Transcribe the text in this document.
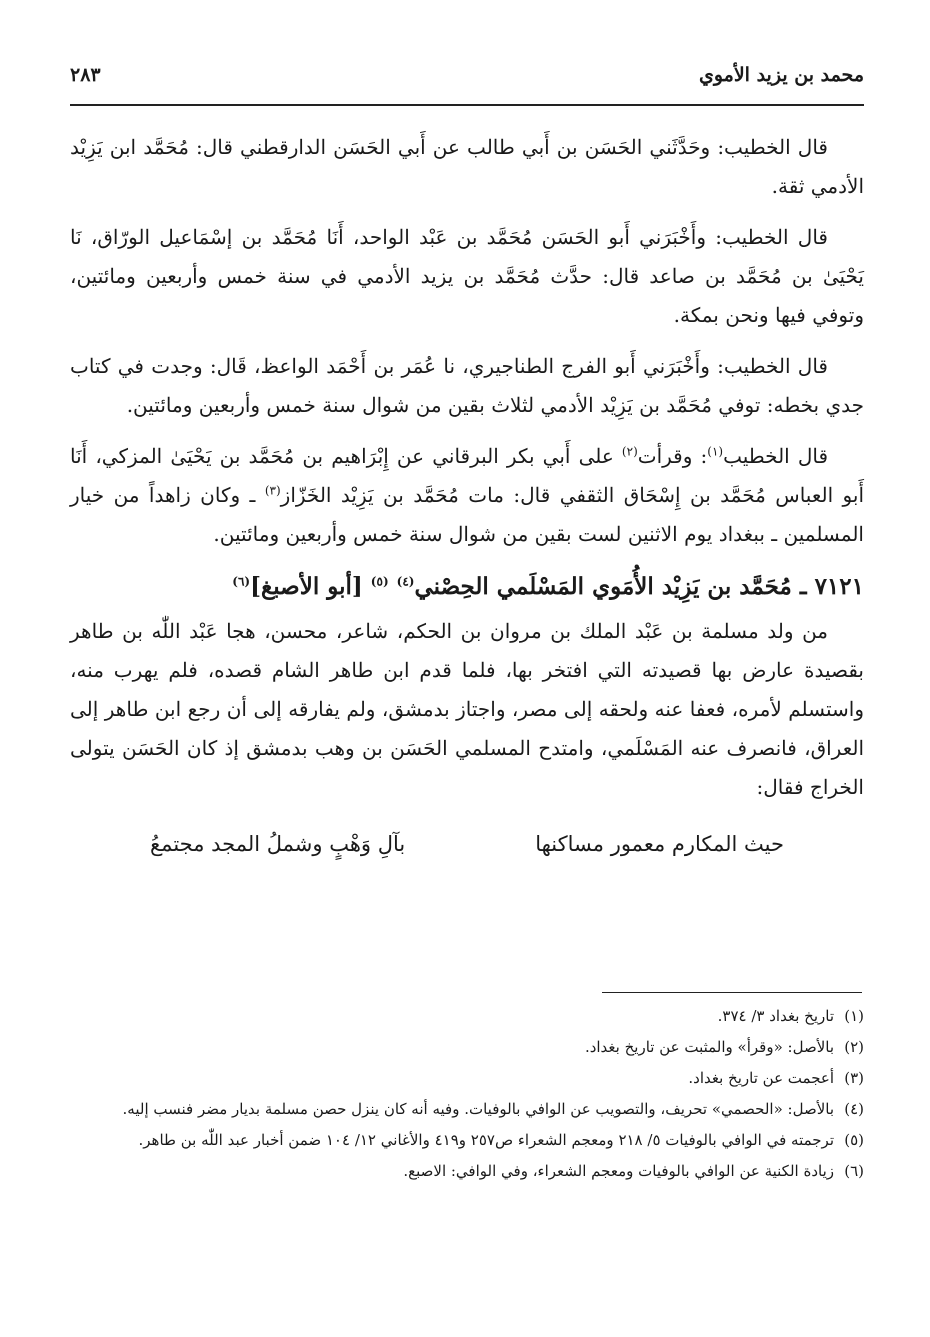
محمد بن يزيد الأموي
٢٨٣

قال الخطيب: وحَدَّثَني الحَسَن بن أَبي طالب عن أَبي الحَسَن الدارقطني قال: مُحَمَّد ابن يَزِيْد الأدمي ثقة.

قال الخطيب: وأَخْبَرَني أَبو الحَسَن مُحَمَّد بن عَبْد الواحد، أَنَا مُحَمَّد بن إسْمَاعيل الورّاق، نَا يَحْيَىٰ بن مُحَمَّد بن صاعد قال: حدَّث مُحَمَّد بن يزيد الأدمي في سنة خمس وأربعين ومائتين، وتوفي فيها ونحن بمكة.

قال الخطيب: وأَخْبَرَني أَبو الفرج الطناجيري، نا عُمَر بن أَحْمَد الواعظ، قَال: وجدت في كتاب جدي بخطه: توفي مُحَمَّد بن يَزِيْد الأدمي لثلاث بقين من شوال سنة خمس وأربعين ومائتين.

قال الخطيب$^{(١)}$: وقرأت$^{(٢)}$ على أَبي بكر البرقاني عن إِبْرَاهيم بن مُحَمَّد بن يَحْيَىٰ المزكي، أَنَا أَبو العباس مُحَمَّد بن إِسْحَاق الثقفي قال: مات مُحَمَّد بن يَزِيْد الخَزّاز$^{(٣)}$ ـ وكان زاهداً من خيار المسلمين ـ ببغداد يوم الاثنين لست بقين من شوال سنة خمس وأربعين ومائتين.

٧١٢١ ـ مُحَمَّد بن يَزِيْد الأُمَوي المَسْلَمي الحِصْني$^{(٤)}$ $^{(٥)}$ [أبو الأصبغ]$^{(٦)}$

من ولد مسلمة بن عَبْد الملك بن مروان بن الحكم، شاعر، محسن، هجا عَبْد اللّٰه بن طاهر بقصيدة عارض بها قصيدته التي افتخر بها، فلما قدم ابن طاهر الشام قصده، فلم يهرب منه، واستسلم لأمره، فعفا عنه ولحقه إلى مصر، واجتاز بدمشق، ولم يفارقه إلى أن رجع ابن طاهر إلى العراق، فانصرف عنه المَسْلَمي، وامتدح المسلمي الحَسَن بن وهب بدمشق إذ كان الحَسَن يتولى الخراج فقال:

حيث المكارم معمور مساكنها
بآلِ وَهْبٍ وشملُ المجد مجتمعُ
(١)
تاريخ بغداد ٣/ ٣٧٤.
(٢)
بالأصل: «وقرأ» والمثبت عن تاريخ بغداد.
(٣)
أعجمت عن تاريخ بغداد.
(٤)
بالأصل: «الحصمي» تحريف، والتصويب عن الوافي بالوفيات. وفيه أنه كان ينزل حصن مسلمة بديار مضر فنسب إليه.
(٥)
ترجمته في الوافي بالوفيات ٥/ ٢١٨ ومعجم الشعراء ص٢٥٧ و٤١٩ والأغاني ١٢/ ١٠٤ ضمن أخبار عبد اللّٰه بن طاهر.
(٦)
زيادة الكنية عن الوافي بالوفيات ومعجم الشعراء، وفي الوافي: الاصبع.
